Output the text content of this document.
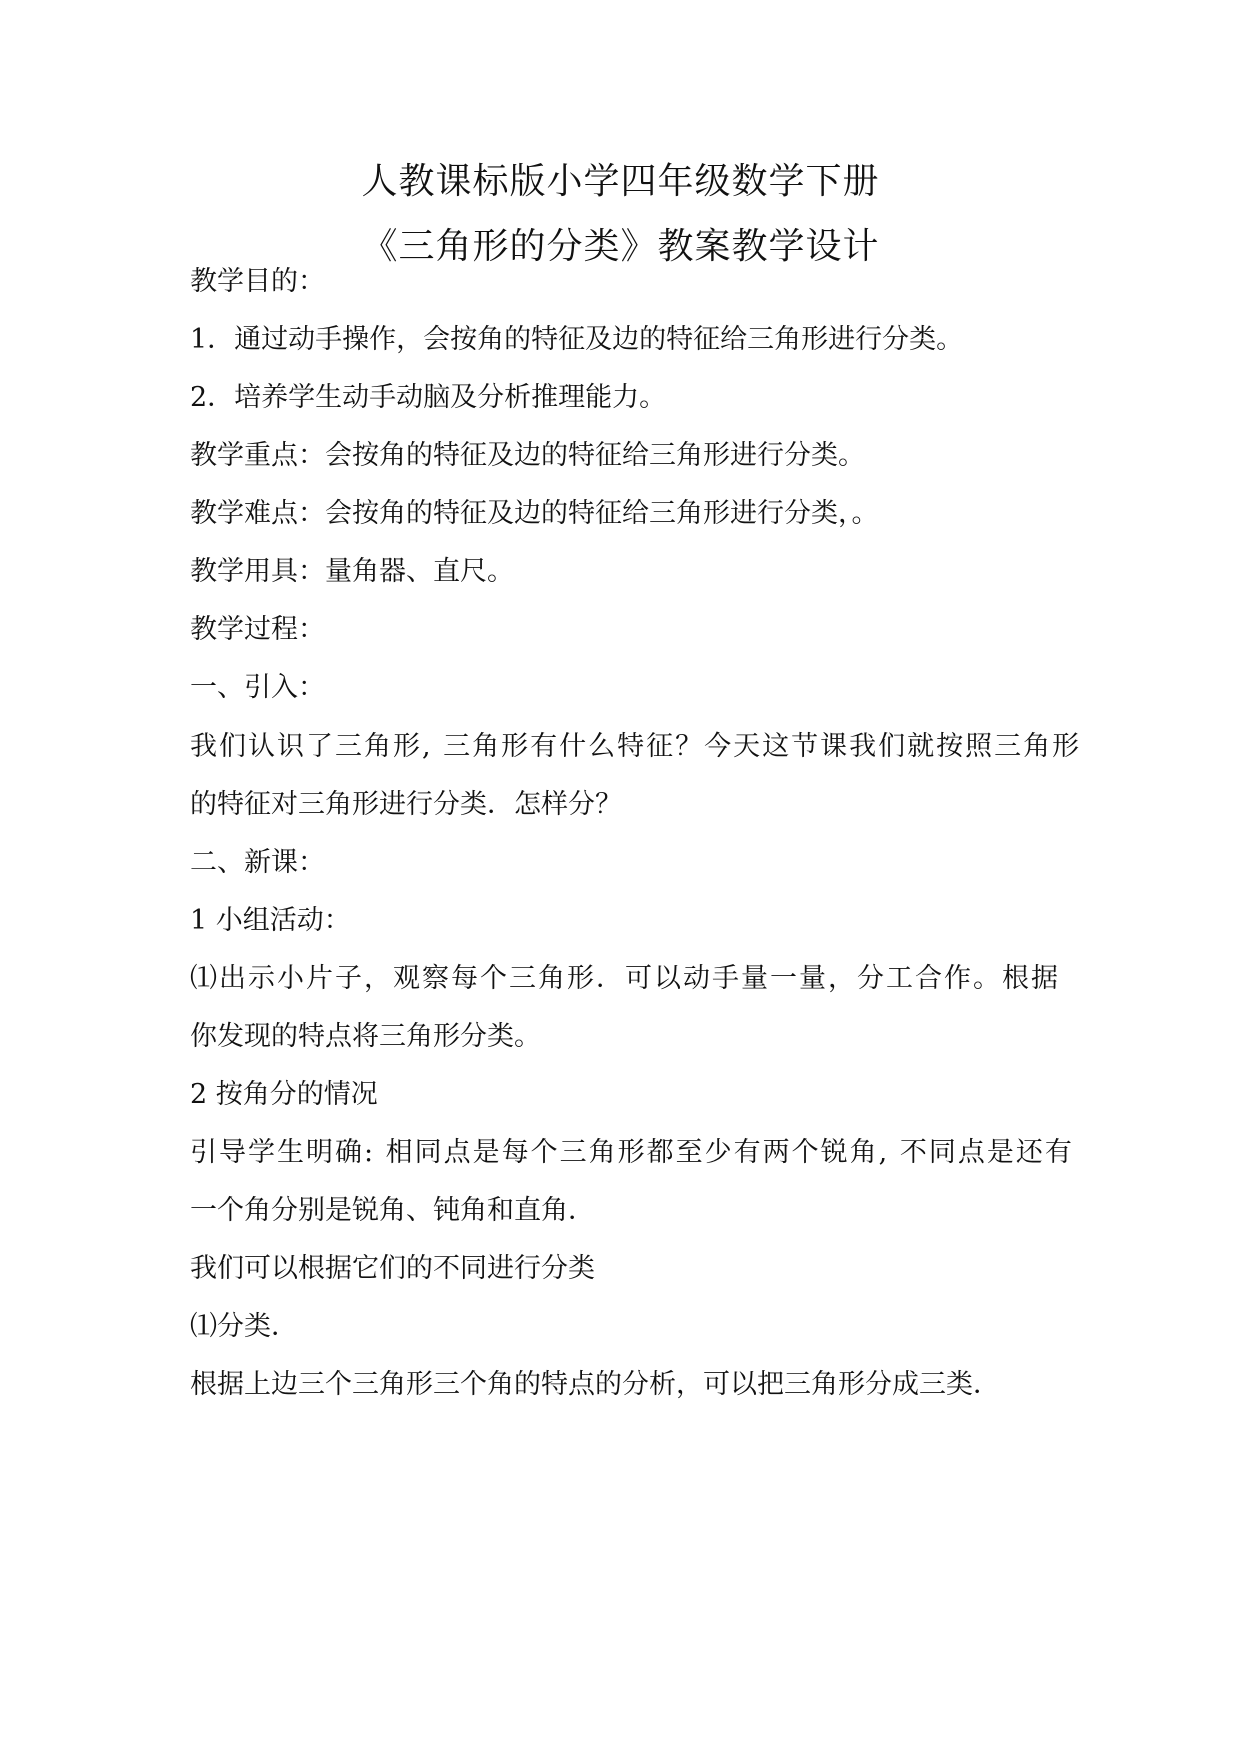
人教课标版小学四年级数学下册
《三角形的分类》教案教学设计
教学目的：
1．通过动手操作，会按角的特征及边的特征给三角形进行分类。
2．培养学生动手动脑及分析推理能力。
教学重点：会按角的特征及边的特征给三角形进行分类。
教学难点：会按角的特征及边的特征给三角形进行分类，。
教学用具：量角器、直尺。
教学过程：
一、引入：
我们认识了三角形, 三角形有什么特征？今天这节课我们就按照三角形
的特征对三角形进行分类．怎样分？
二、新课：
1 小组活动：
⑴出示小片子，观察每个三角形．可以动手量一量，分工合作。根据
你发现的特点将三角形分类。
2 按角分的情况
引导学生明确: 相同点是每个三角形都至少有两个锐角, 不同点是还有
一个角分别是锐角、钝角和直角．
我们可以根据它们的不同进行分类
⑴分类．
根据上边三个三角形三个角的特点的分析，可以把三角形分成三类．
